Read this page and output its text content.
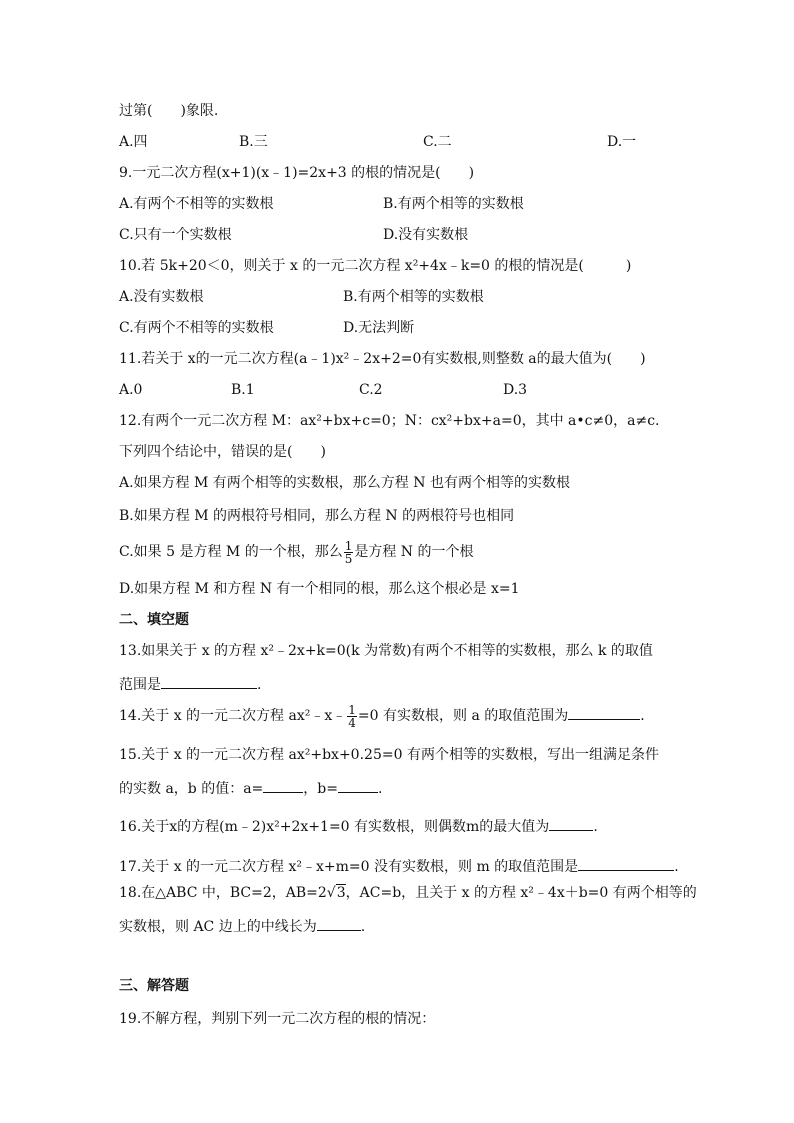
过第(　　)象限.
A.四	B.三	C.二	D.一
9.一元二次方程(x+1)(x﹣1)=2x+3 的根的情况是(　　)
A.有两个不相等的实数根	B.有两个相等的实数根
C.只有一个实数根	D.没有实数根
10.若 5k+20＜0，则关于 x 的一元二次方程 x²+4x﹣k=0 的根的情况是(　　　)
A.没有实数根	B.有两个相等的实数根
C.有两个不相等的实数根	D.无法判断
11.若关于 x的一元二次方程(a﹣1)x²﹣2x+2=0有实数根,则整数 a的最大值为(　　)
A.0	B.1	C.2	D.3
12.有两个一元二次方程 M：ax²+bx+c=0；N：cx²+bx+a=0，其中 a•c≠0，a≠c.
下列四个结论中，错误的是(　　)
A.如果方程 M 有两个相等的实数根，那么方程 N 也有两个相等的实数根
B.如果方程 M 的两根符号相同，那么方程 N 的两根符号也相同
C.如果 5 是方程 M 的一个根，那么 $\frac{1}{5}$ 是方程 N 的一个根
D.如果方程 M 和方程 N 有一个相同的根，那么这个根必是 x=1
二、填空题
13.如果关于 x 的方程 x²﹣2x+k=0(k 为常数)有两个不相等的实数根，那么 k 的取值
范围是	.
14.关于 x 的一元二次方程 ax²﹣x﹣ $\frac{1}{4} =0$ 有实数根，则 a 的取值范围为	.
15.关于 x 的一元二次方程 ax²+bx+0.25=0 有两个相等的实数根，写出一组满足条件
的实数 a，b 的值：a=	，b=	.
16.关于x的方程(m﹣2)x²+2x+1=0 有实数根，则偶数m的最大值为	.
17.关于 x 的一元二次方程 x²﹣x+m=0 没有实数根，则 m 的取值范围是	.
18.在△ABC 中，BC=2，AB=2√3，AC=b，且关于 x 的方程 x²﹣4x＋b=0 有两个相等的
实数根，则 AC 边上的中线长为	.
三、解答题
19.不解方程，判别下列一元二次方程的根的情况：
